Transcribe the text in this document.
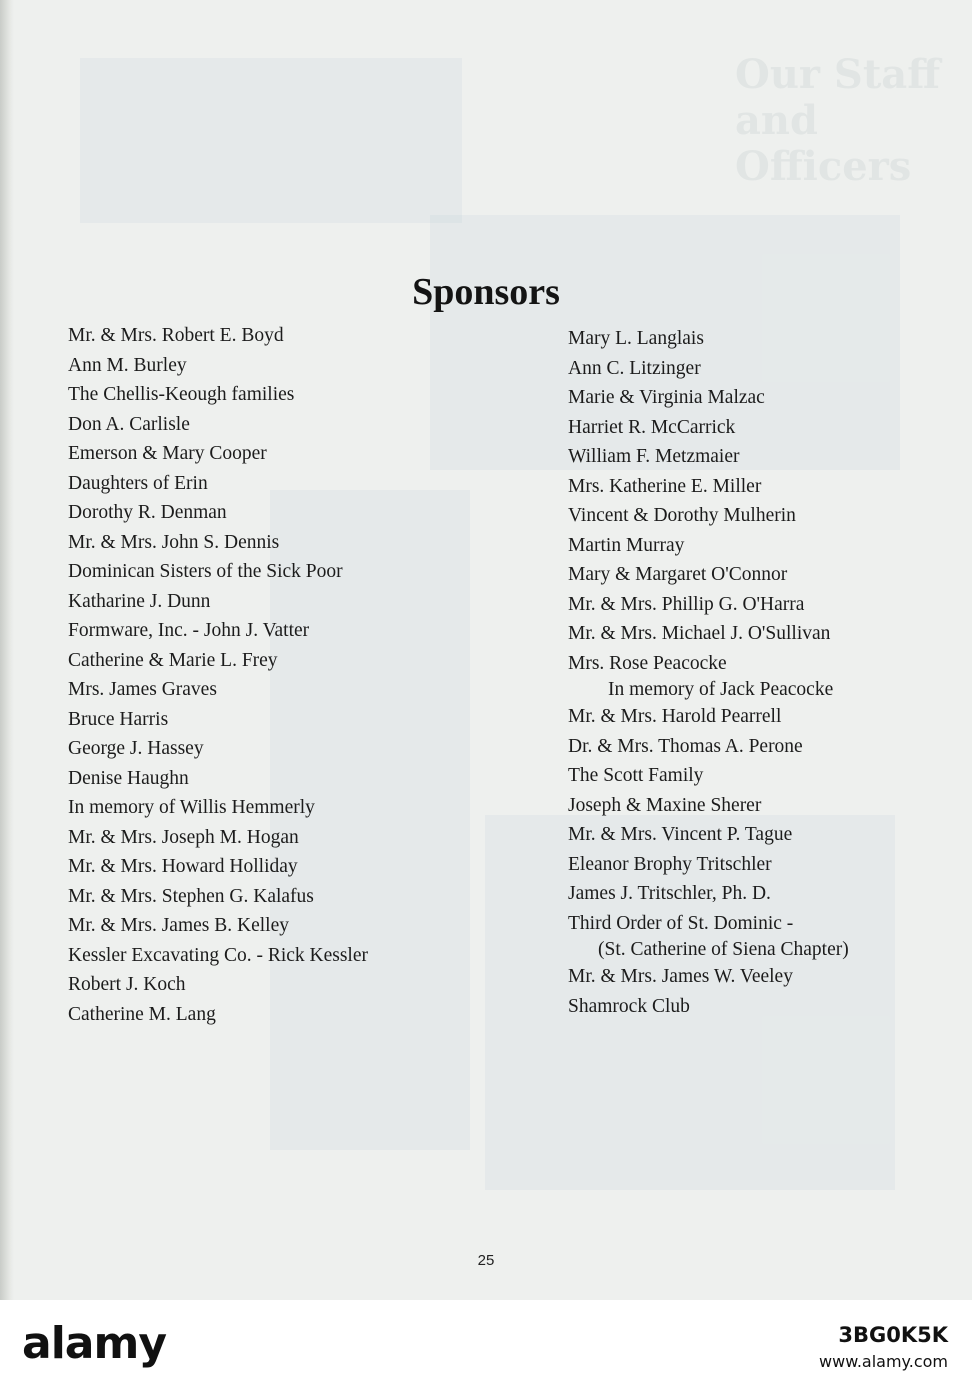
Our Staff
and Officers
Sponsors
Mr. & Mrs. Robert E. Boyd
Ann M. Burley
The Chellis-Keough families
Don A. Carlisle
Emerson & Mary Cooper
Daughters of Erin
Dorothy R. Denman
Mr. & Mrs. John S. Dennis
Dominican Sisters of the Sick Poor
Katharine J. Dunn
Formware, Inc. - John J. Vatter
Catherine & Marie L. Frey
Mrs. James Graves
Bruce Harris
George J. Hassey
Denise Haughn
In memory of Willis Hemmerly
Mr. & Mrs. Joseph M. Hogan
Mr. & Mrs. Howard Holliday
Mr. & Mrs. Stephen G. Kalafus
Mr. & Mrs. James B. Kelley
Kessler Excavating Co. - Rick Kessler
Robert J. Koch
Catherine M. Lang
Mary L. Langlais
Ann C. Litzinger
Marie & Virginia Malzac
Harriet R. McCarrick
William F. Metzmaier
Mrs. Katherine E. Miller
Vincent & Dorothy Mulherin
Martin Murray
Mary & Margaret O'Connor
Mr. & Mrs. Phillip G. O'Harra
Mr. & Mrs. Michael J. O'Sullivan
Mrs. Rose Peacocke
In memory of Jack Peacocke
Mr. & Mrs. Harold Pearrell
Dr. & Mrs. Thomas A. Perone
The Scott Family
Joseph & Maxine Sherer
Mr. & Mrs. Vincent P. Tague
Eleanor Brophy Tritschler
James J. Tritschler, Ph. D.
Third Order of St. Dominic -
(St. Catherine of Siena Chapter)
Mr. & Mrs. James W. Veeley
Shamrock Club
25
alamy	3BG0K5K
www.alamy.com
